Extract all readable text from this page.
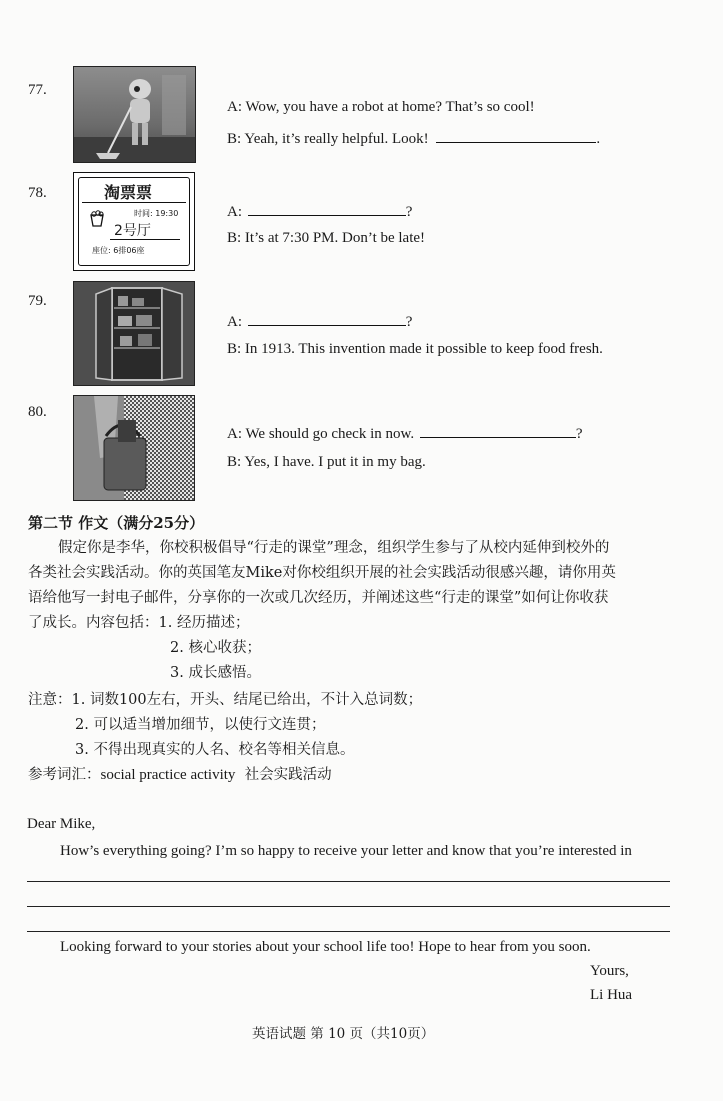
77.
A: Wow, you have a robot at home? That’s so cool!
B: Yeah, it’s really helpful. Look!	.
78.	淘票票
时间: 19:30
2号厅
座位: 6排06座
A:	?
B: It’s at 7:30 PM. Don’t be late!
79.
A:	?
B: In 1913. This invention made it possible to keep food fresh.
80.
A: We should go check in now.	?
B: Yes, I have. I put it in my bag.
第二节 作文（满分25分）
假定你是李华，你校积极倡导“行走的课堂”理念，组织学生参与了从校内延伸到校外的
各类社会实践活动。你的英国笔友Mike对你校组织开展的社会实践活动很感兴趣，请你用英
语给他写一封电子邮件，分享你的一次或几次经历，并阐述这些“行走的课堂”如何让你收获
了成长。内容包括：1. 经历描述；
2. 核心收获；
3. 成长感悟。
注意：1. 词数100左右，开头、结尾已给出，不计入总词数；
2. 可以适当增加细节，以使行文连贯；
3. 不得出现真实的人名、校名等相关信息。
参考词汇：social practice activity 社会实践活动
Dear Mike,
How’s everything going? I’m so happy to receive your letter and know that you’re interested in
Looking forward to your stories about your school life too! Hope to hear from you soon.
Yours,
Li Hua
英语试题 第 10 页（共10页）
